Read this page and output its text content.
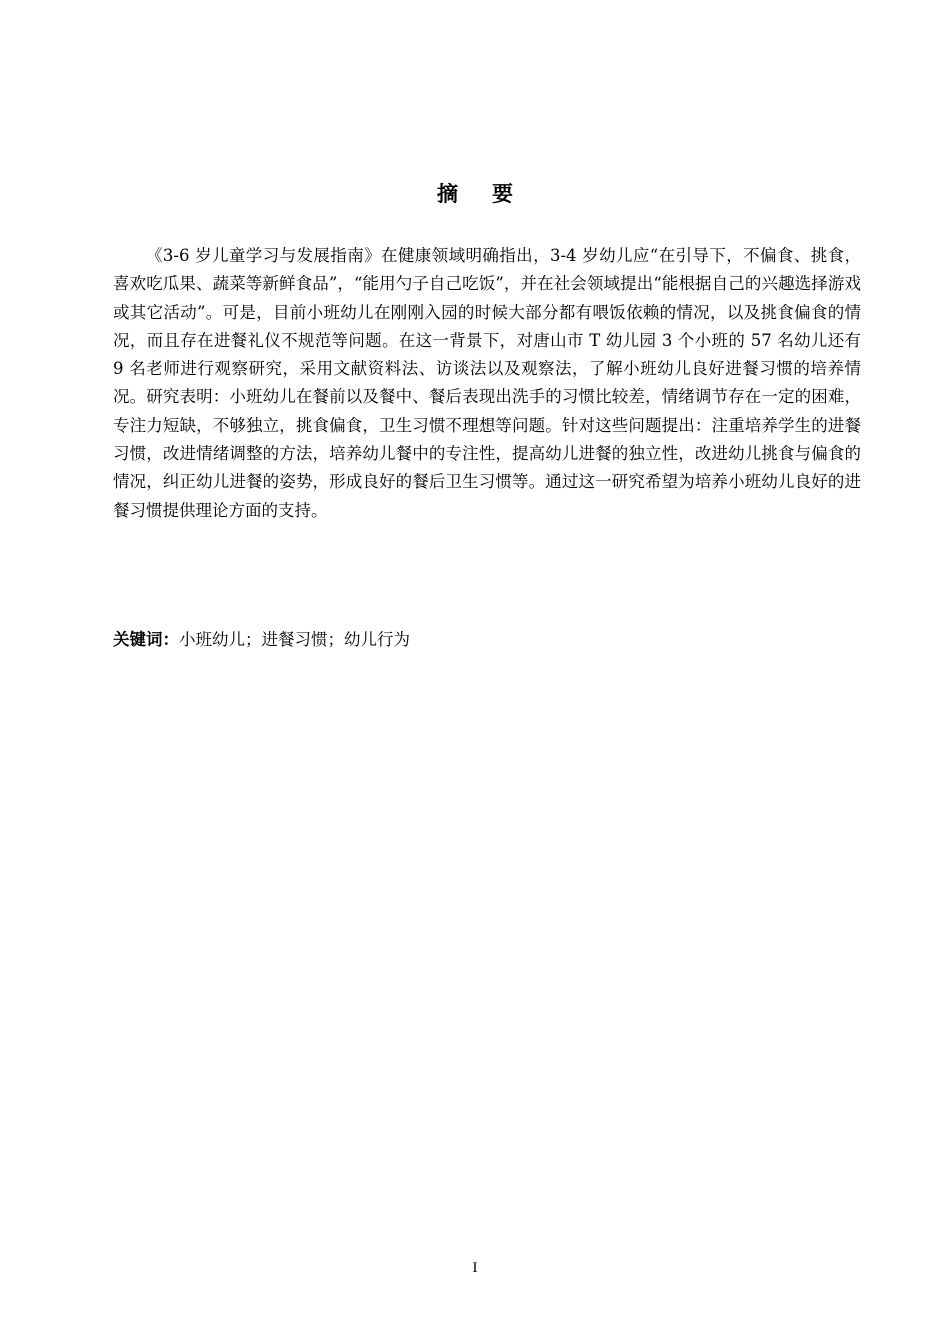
摘要

《3-6 岁儿童学习与发展指南》在健康领域明确指出，3-4 岁幼儿应“在引导下，不偏食、挑食，喜欢吃瓜果、蔬菜等新鲜食品”，“能用勺子自己吃饭”，并在社会领域提出“能根据自己的兴趣选择游戏或其它活动”。可是，目前小班幼儿在刚刚入园的时候大部分都有喂饭依赖的情况，以及挑食偏食的情况，而且存在进餐礼仪不规范等问题。在这一背景下，对唐山市 T 幼儿园 3 个小班的 57 名幼儿还有 9 名老师进行观察研究，采用文献资料法、访谈法以及观察法，了解小班幼儿良好进餐习惯的培养情况。研究表明：小班幼儿在餐前以及餐中、餐后表现出洗手的习惯比较差，情绪调节存在一定的困难，专注力短缺，不够独立，挑食偏食，卫生习惯不理想等问题。针对这些问题提出：注重培养学生的进餐习惯，改进情绪调整的方法，培养幼儿餐中的专注性，提高幼儿进餐的独立性，改进幼儿挑食与偏食的情况，纠正幼儿进餐的姿势，形成良好的餐后卫生习惯等。通过这一研究希望为培养小班幼儿良好的进餐习惯提供理论方面的支持。

关键词：小班幼儿；进餐习惯；幼儿行为
I
